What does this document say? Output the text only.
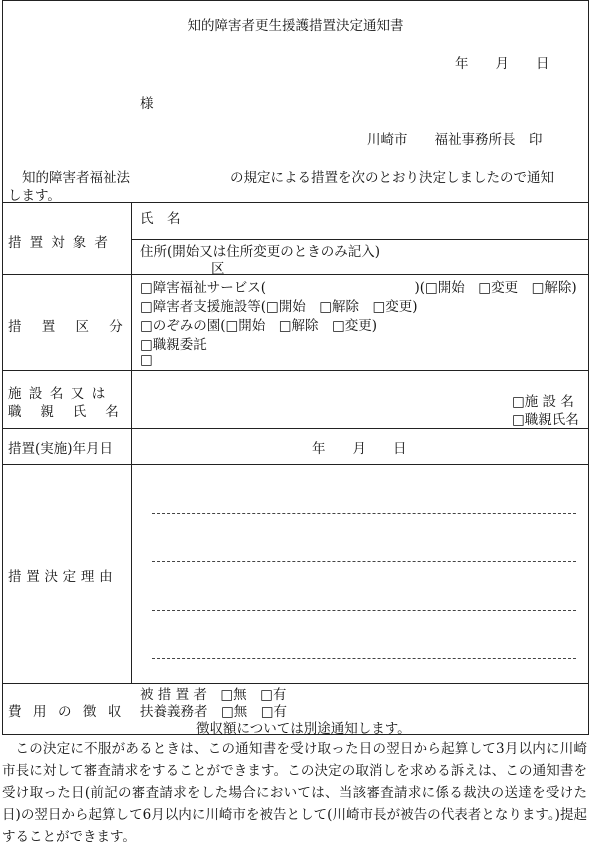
知的障害者更生援護措置決定通知書
年　　月　　日
様
川崎市　　福祉事務所長　印
知的障害者福祉法	の規定による措置を次のとおり決定しましたので通知
します。
措置対象者
氏　名
住所(開始又は住所変更のときのみ記入)
区
措置区分
□障害福祉サービス(　　　　　　　　　　　)(□開始　□変更　□解除)
□障害者支援施設等(□開始　□解除　□変更)
□のぞみの園(□開始　□解除　□変更)
□職親委託
□
施設名又は
職親氏名
□施 設 名
□職親氏名
措置(実施)年月日	年　　月　　日
措置決定理由
費用の徴収
被 措 置 者　□無　□有
扶養義務者　□無　□有
徴収額については別途通知します。
この決定に不服があるときは、この通知書を受け取った日の翌日から起算して3月以内に川崎市長に対して審査請求をすることができます。この決定の取消しを求める訴えは、この通知書を受け取った日(前記の審査請求をした場合においては、当該審査請求に係る裁決の送達を受けた日)の翌日から起算して6月以内に川崎市を被告として(川崎市長が被告の代表者となります。)提起することができます。
